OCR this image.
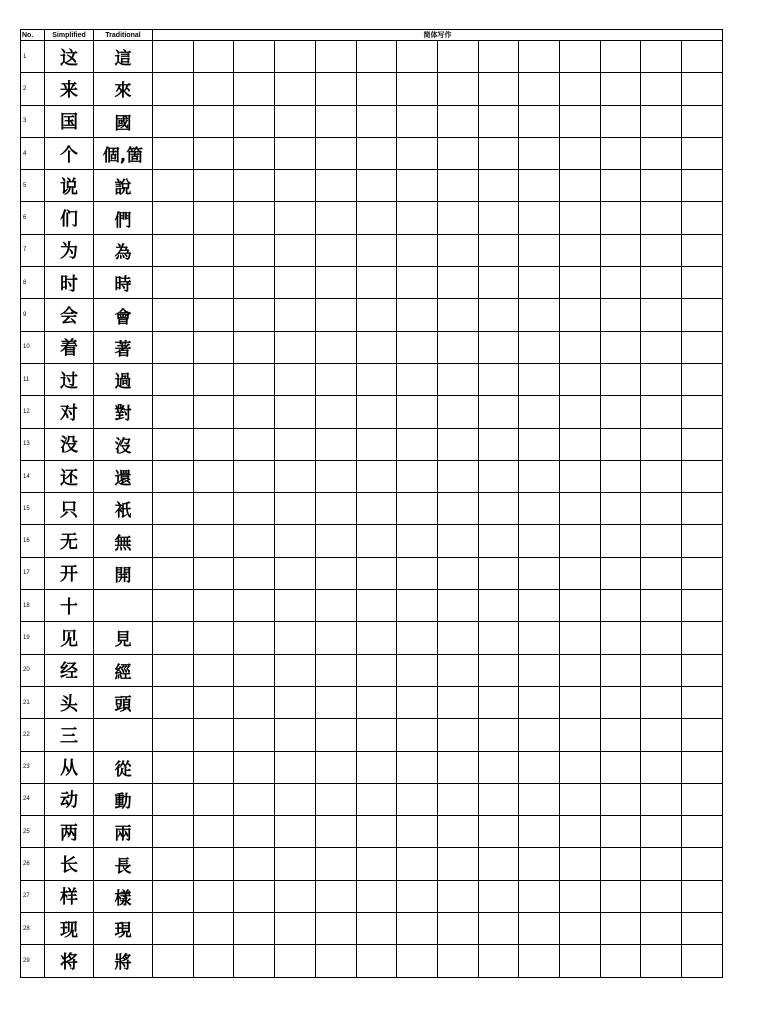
No.	Simplified	Traditional	简体写作													
1	这	這														
2	来	來														
3	国	國														
4	个	個,箇														
5	说	說														
6	们	們														
7	为	為														
8	时	時														
9	会	會														
10	着	著														
11	过	過														
12	对	對														
13	没	沒														
14	还	還														
15	只	衹														
16	无	無														
17	开	開														
18	十															
19	见	見														
20	经	經														
21	头	頭														
22	三															
23	从	從														
24	动	動														
25	两	兩														
26	长	長														
27	样	樣														
28	现	現														
29	将	將														
